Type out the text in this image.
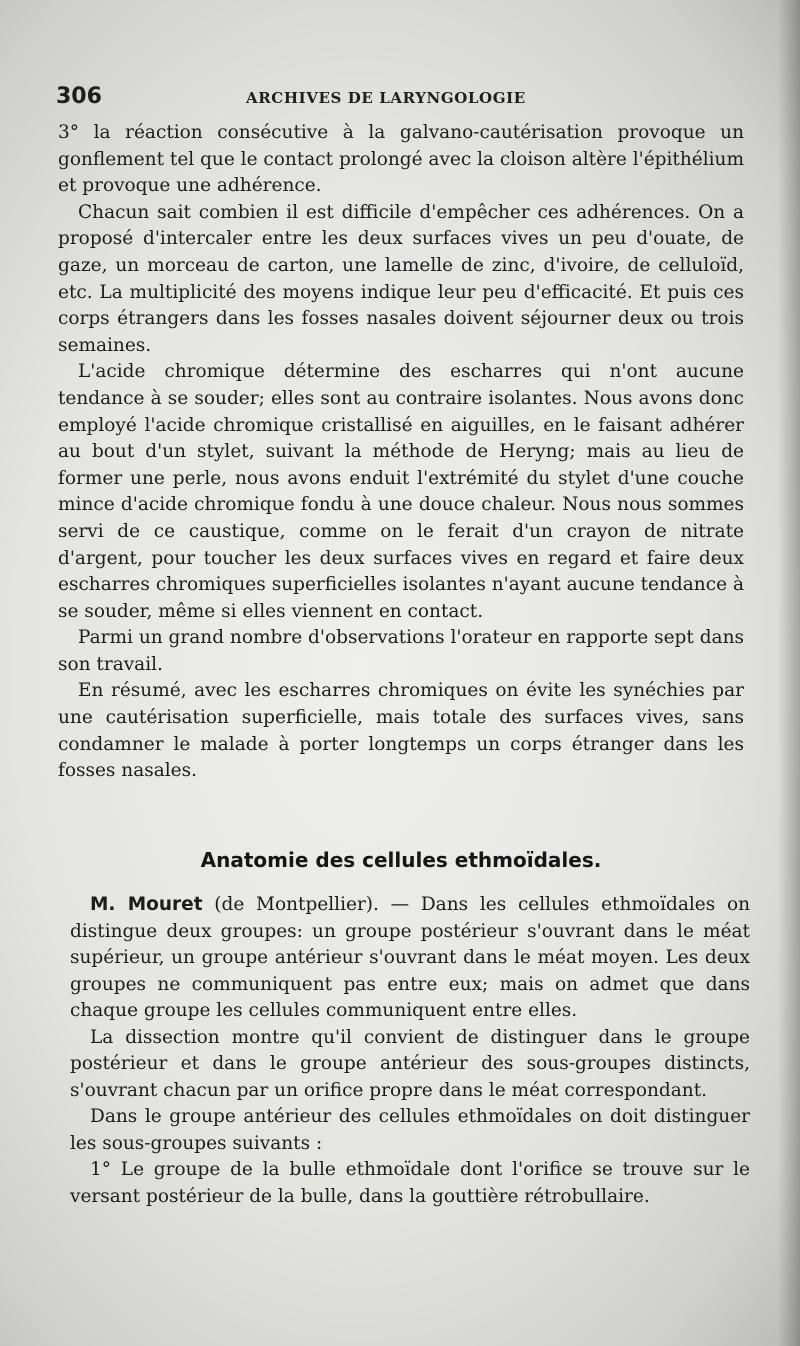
306	ARCHIVES DE LARYNGOLOGIE

3° la réaction consécutive à la galvano-cautérisation provoque un gonflement tel que le contact prolongé avec la cloison altère l'épithélium et provoque une adhérence.

Chacun sait combien il est difficile d'empêcher ces adhérences. On a proposé d'intercaler entre les deux surfaces vives un peu d'ouate, de gaze, un morceau de carton, une lamelle de zinc, d'ivoire, de celluloïd, etc. La multiplicité des moyens indique leur peu d'efficacité. Et puis ces corps étrangers dans les fosses nasales doivent séjourner deux ou trois semaines.

L'acide chromique détermine des escharres qui n'ont aucune tendance à se souder; elles sont au contraire isolantes. Nous avons donc employé l'acide chromique cristallisé en aiguilles, en le faisant adhérer au bout d'un stylet, suivant la méthode de Heryng; mais au lieu de former une perle, nous avons enduit l'extrémité du stylet d'une couche mince d'acide chromique fondu à une douce chaleur. Nous nous sommes servi de ce caustique, comme on le ferait d'un crayon de nitrate d'argent, pour toucher les deux surfaces vives en regard et faire deux escharres chromiques superficielles isolantes n'ayant aucune tendance à se souder, même si elles viennent en contact.

Parmi un grand nombre d'observations l'orateur en rapporte sept dans son travail.

En résumé, avec les escharres chromiques on évite les synéchies par une cautérisation superficielle, mais totale des surfaces vives, sans condamner le malade à porter longtemps un corps étranger dans les fosses nasales.

Anatomie des cellules ethmoïdales.

M. Mouret (de Montpellier). — Dans les cellules ethmoïdales on distingue deux groupes: un groupe postérieur s'ouvrant dans le méat supérieur, un groupe antérieur s'ouvrant dans le méat moyen. Les deux groupes ne communiquent pas entre eux; mais on admet que dans chaque groupe les cellules communiquent entre elles.

La dissection montre qu'il convient de distinguer dans le groupe postérieur et dans le groupe antérieur des sous-groupes distincts, s'ouvrant chacun par un orifice propre dans le méat correspondant.

Dans le groupe antérieur des cellules ethmoïdales on doit distinguer les sous-groupes suivants :

1° Le groupe de la bulle ethmoïdale dont l'orifice se trouve sur le versant postérieur de la bulle, dans la gouttière rétrobullaire.
